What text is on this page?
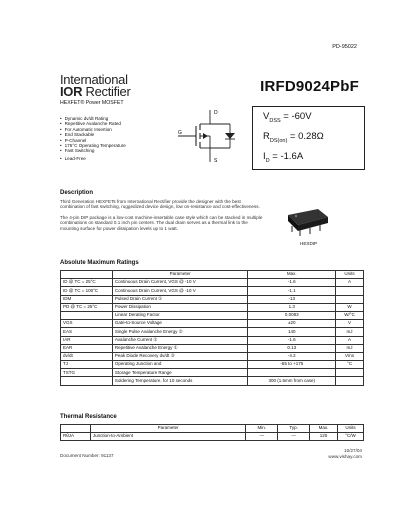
PD-95022
International
IOR Rectifier	IRFD9024PbF
HEXFET® Power MOSFET
• Dynamic dv/dt Rating
• Repetitive Avalanche Rated
• For Automatic Insertion
• End Stackable
• P-Channel
• 175°C Operating Temperature
• Fast Switching
• Lead-Free
D
G
S
$V_{DSS} = -60V$
$R_{DS(on)} = 0.28\Omega$
$I_D = -1.6A$
Description

Third Generation HEXFETs from International Rectifier provide the designer with the best combination of fast switching, ruggedized device design, low on-resistance and cost-effectiveness.

The 4-pin DIP package is a low-cost machine-insertable case style which can be stacked in multiple combinations on standard 0.1 inch pin centers. The dual drain serves as a thermal link to the mounting surface for power dissipation levels up to 1 watt.

HEXDIP
Absolute Maximum Ratings
	Parameter	Max.	Units
ID @ TC = 25°C	Continuous Drain Current, VGS @ -10 V	-1.6	A
ID @ TC = 100°C	Continuous Drain Current, VGS @ -10 V	-1.1	
IDM	Pulsed Drain Current ①	-13	
PD @ TC = 25°C	Power Dissipation	1.3	W
	Linear Derating Factor	0.0083	W/°C
VGS	Gate-to-Source Voltage	±20	V
EAS	Single Pulse Avalanche Energy ②	140	mJ
IAR	Avalanche Current ①	-1.6	A
EAR	Repetitive Avalanche Energy ①	0.13	mJ
dv/dt	Peak Diode Recovery dv/dt ③	-4.2	V/ns
TJ	Operating Junction and	-55 to +175	°C
TSTG	Storage Temperature Range		
	Soldering Temperature, for 10 seconds	300 (1.6mm from case)	
Thermal Resistance
	Parameter	Min.	Typ.	Max.	Units
RθJA	Junction-to-Ambient	—	—	120	°C/W
Document Number: 91137
10/27/04
www.vishay.com
